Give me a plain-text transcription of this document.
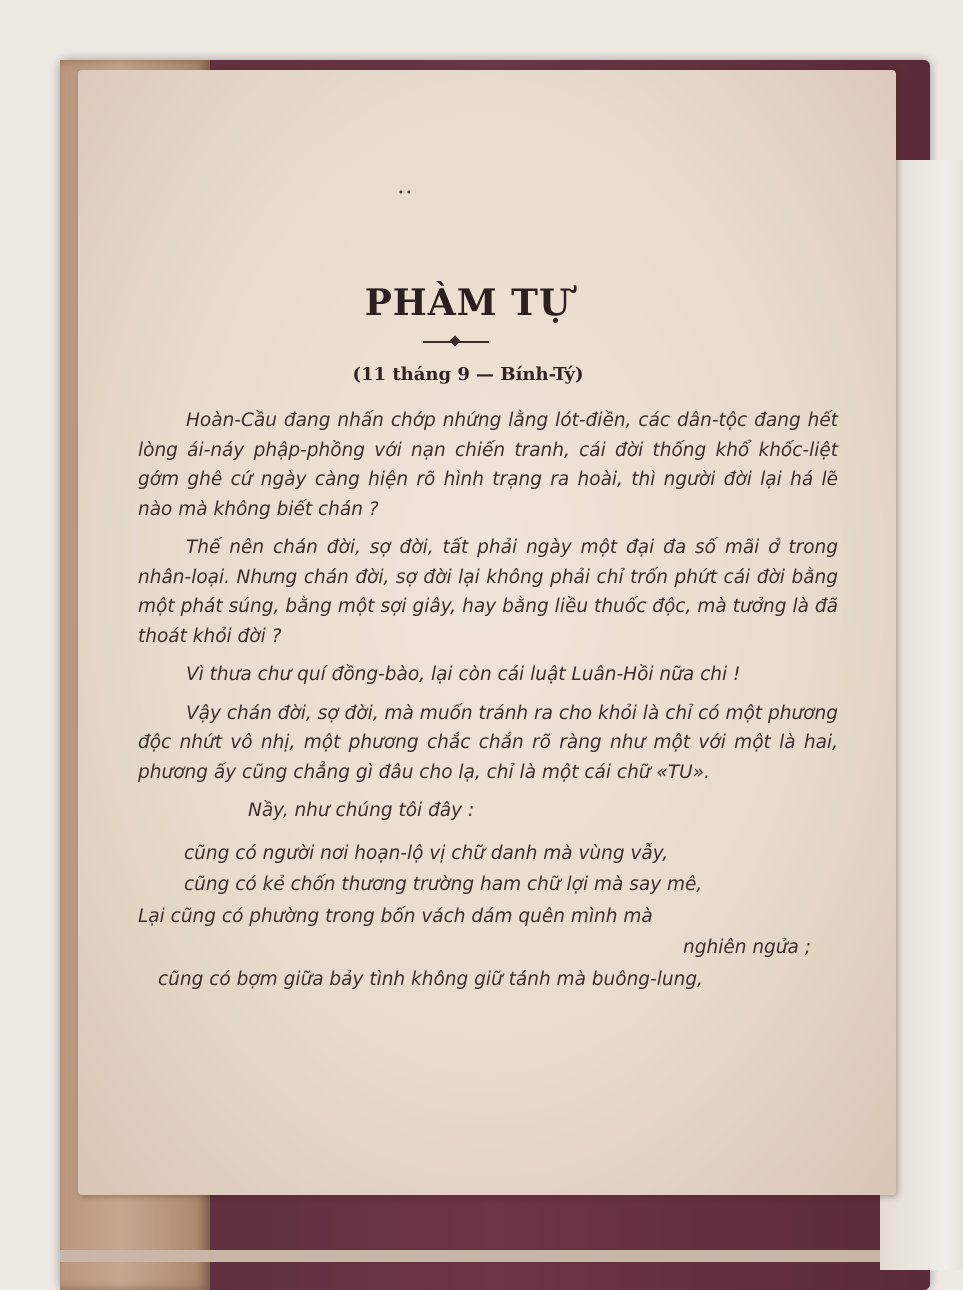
••
PHÀM TỰ
(11 tháng 9 — Bính-Tý)

Hoàn-Cầu đang nhấn chớp nhứng lằng lót-điền, các dân-tộc đang hết lòng ái-náy phập-phồng với nạn chiến tranh, cái đời thống khổ khốc-liệt gớm ghê cứ ngày càng hiện rõ hình trạng ra hoài, thì người đời lại há lẽ nào mà không biết chán ?

Thế nên chán đời, sợ đời, tất phải ngày một đại đa số mãi ở trong nhân-loại. Nhưng chán đời, sợ đời lại không phải chỉ trốn phứt cái đời bằng một phát súng, bằng một sợi giây, hay bằng liều thuốc độc, mà tưởng là đã thoát khỏi đời ?

Vì thưa chư quí đồng-bào, lại còn cái luật Luân-Hồi nữa chi !

Vậy chán đời, sợ đời, mà muốn tránh ra cho khỏi là chỉ có một phương độc nhứt vô nhị, một phương chắc chắn rõ ràng như một với một là hai, phương ấy cũng chẳng gì đâu cho lạ, chỉ là một cái chữ «TU».

Nầy, như chúng tôi đây :

cũng có người nơi hoạn-lộ vị chữ danh mà vùng vẫy,

cũng có kẻ chốn thương trường ham chữ lợi mà say mê,

Lại cũng có phường trong bốn vách dám quên mình mà

nghiên ngửa ;

cũng có bợm giữa bảy tình không giữ tánh mà buông-lung,
